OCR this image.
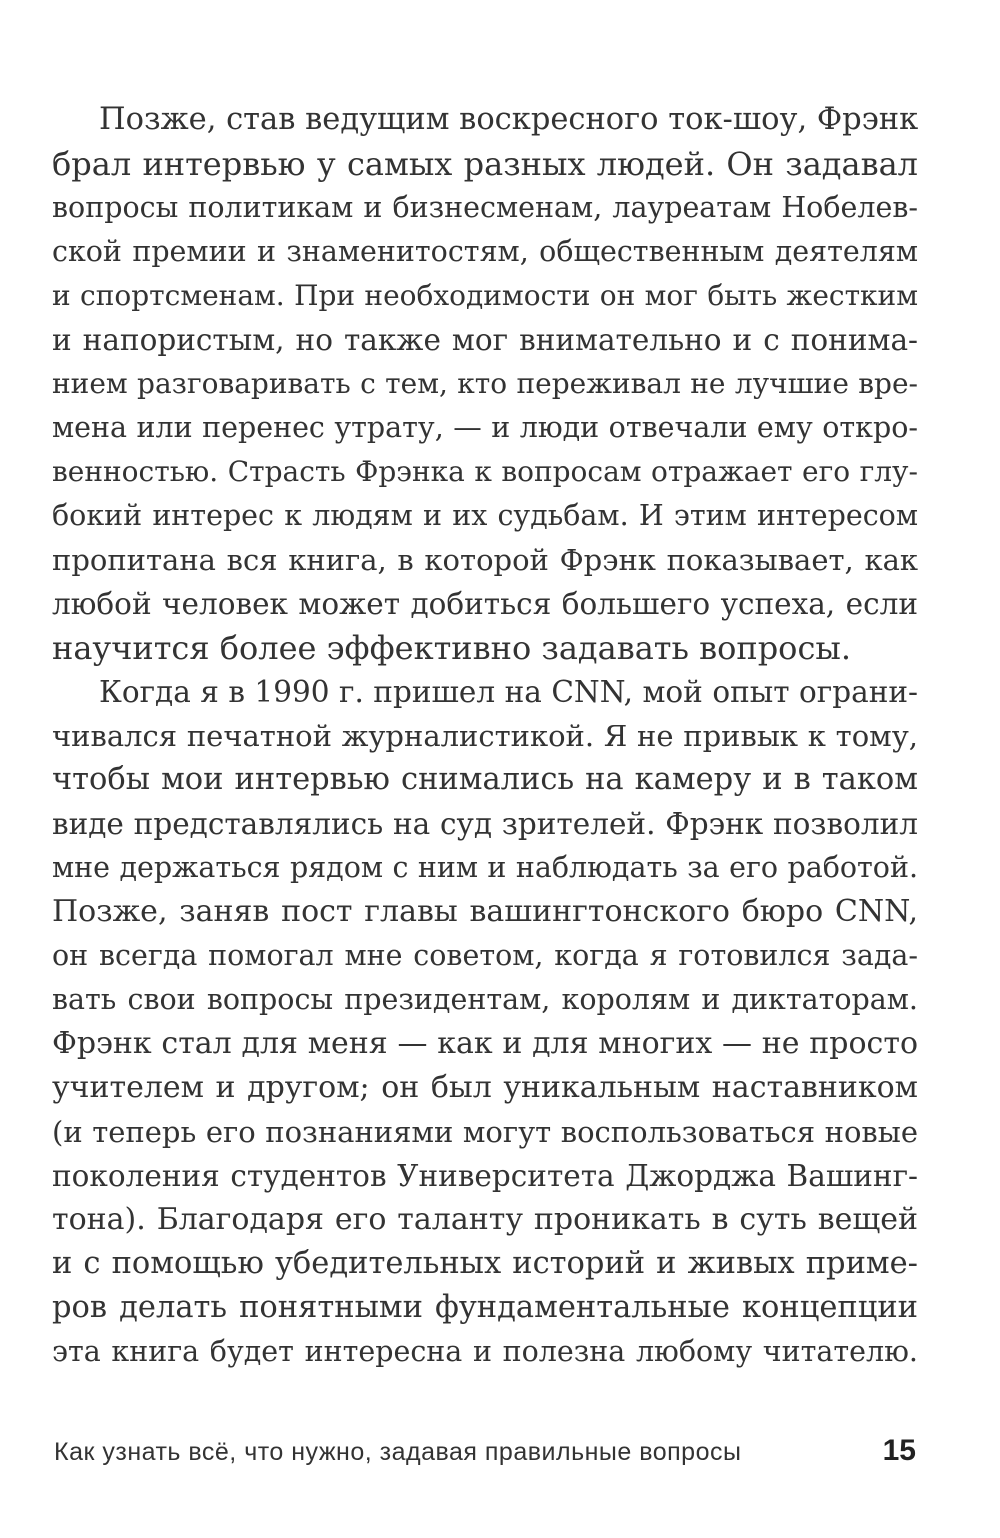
Позже, став ведущим воскресного ток-шоу, Фрэнк
брал интервью у самых разных людей. Он задавал
вопросы политикам и бизнесменам, лауреатам Нобелев-
ской премии и знаменитостям, общественным деятелям
и спортсменам. При необходимости он мог быть жестким
и напористым, но также мог внимательно и с понима-
нием разговаривать с тем, кто переживал не лучшие вре-
мена или перенес утрату, — и люди отвечали ему откро-
венностью. Страсть Фрэнка к вопросам отражает его глу-
бокий интерес к людям и их судьбам. И этим интересом
пропитана вся книга, в которой Фрэнк показывает, как
любой человек может добиться большего успеха, если
научится более эффективно задавать вопросы.
Когда я в 1990 г. пришел на CNN, мой опыт ограни-
чивался печатной журналистикой. Я не привык к тому,
чтобы мои интервью снимались на камеру и в таком
виде представлялись на суд зрителей. Фрэнк позволил
мне держаться рядом с ним и наблюдать за его работой.
Позже, заняв пост главы вашингтонского бюро CNN,
он всегда помогал мне советом, когда я готовился зада-
вать свои вопросы президентам, королям и диктаторам.
Фрэнк стал для меня — как и для многих — не просто
учителем и другом; он был уникальным наставником
(и теперь его познаниями могут воспользоваться новые
поколения студентов Университета Джорджа Вашинг-
тона). Благодаря его таланту проникать в суть вещей
и с помощью убедительных историй и живых приме-
ров делать понятными фундаментальные концепции
эта книга будет интересна и полезна любому читателю.
Как узнать всё, что нужно, задавая правильные вопросы	15
